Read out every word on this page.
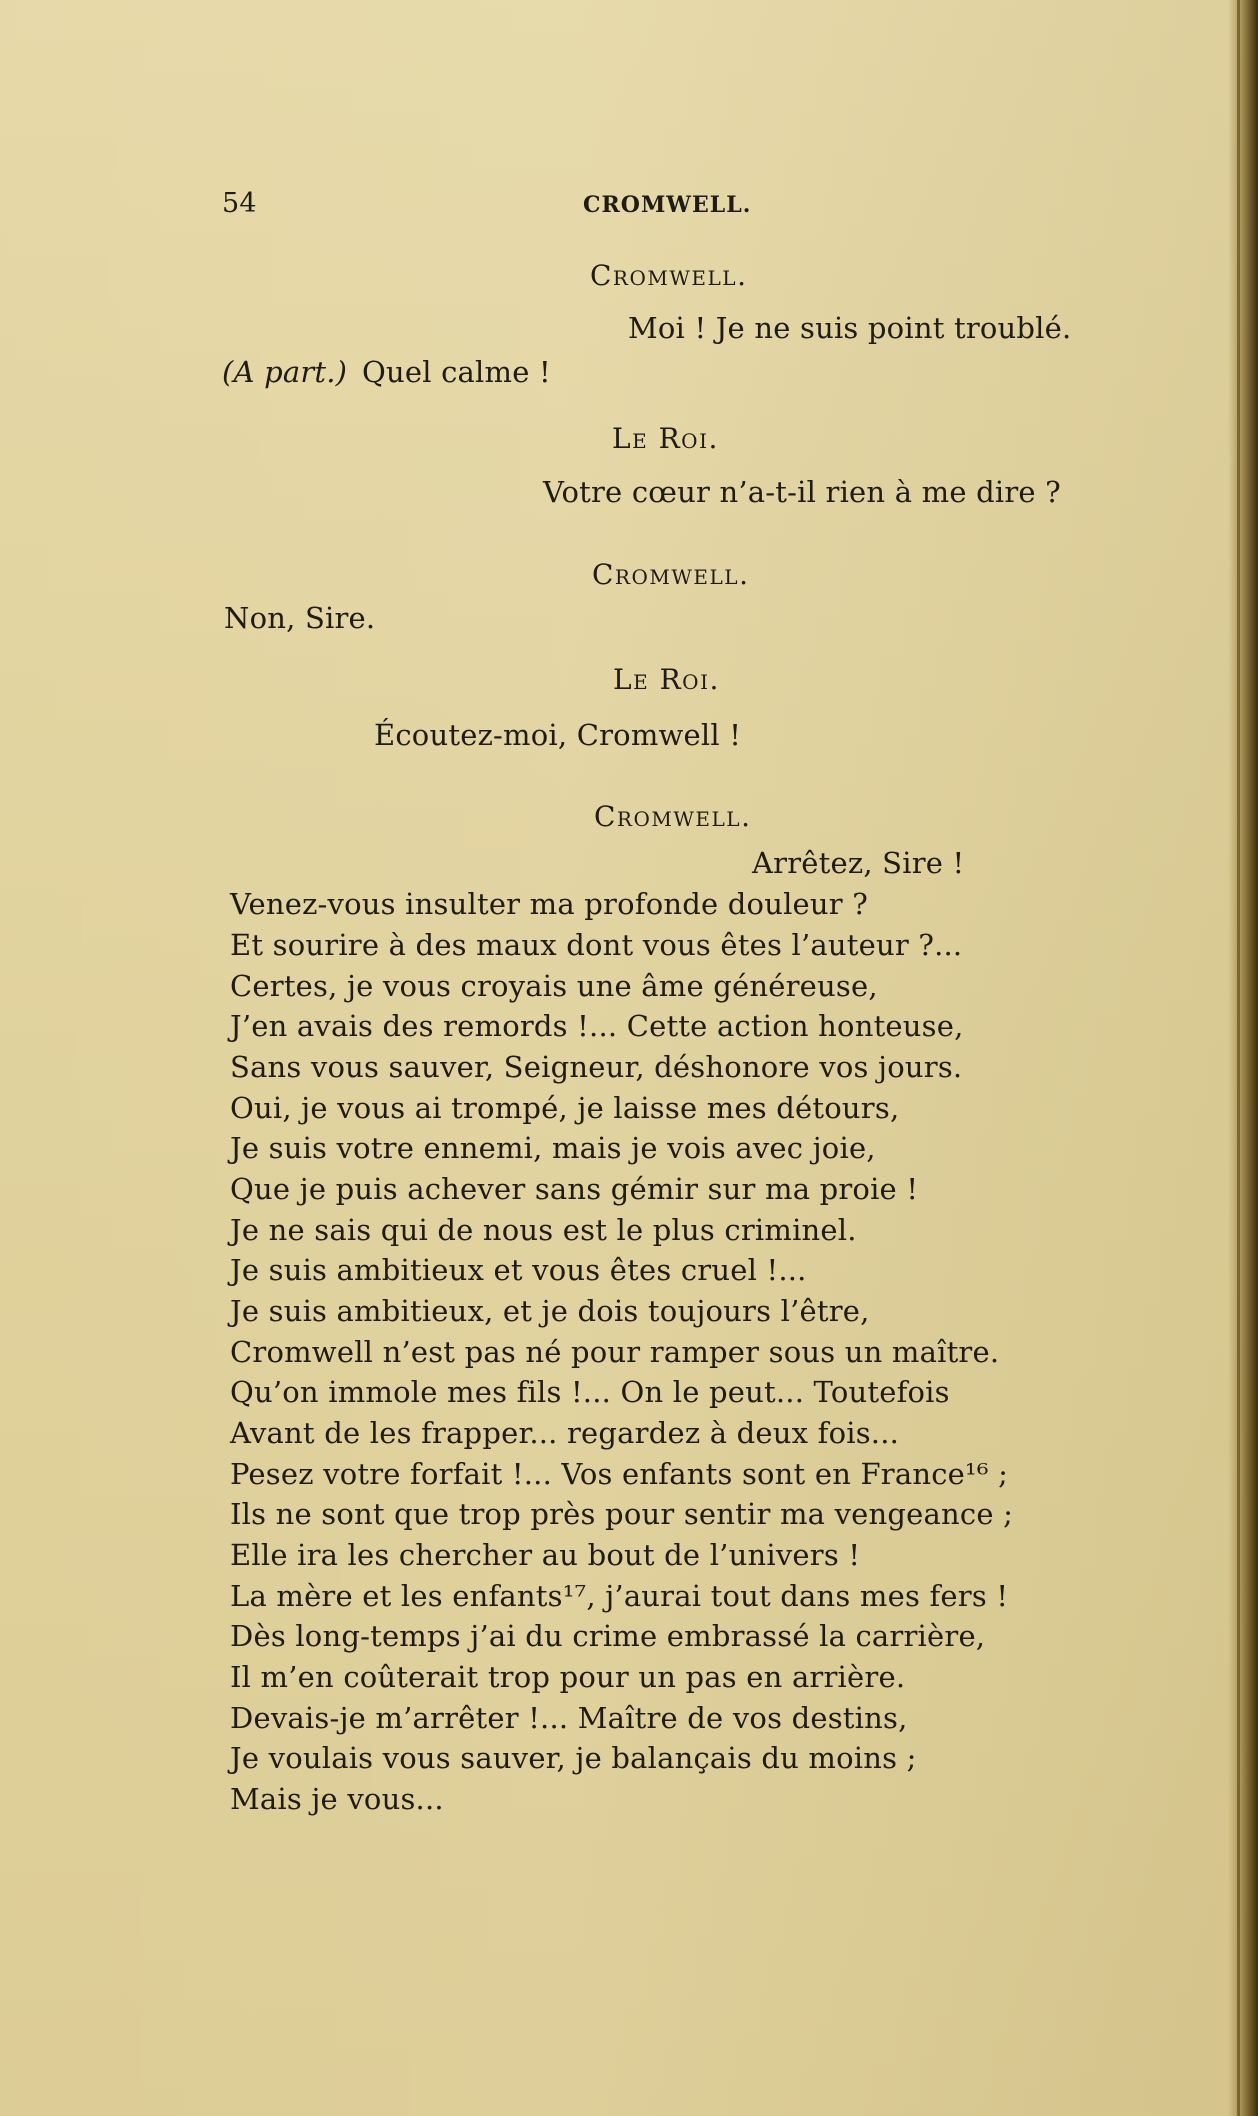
54	CROMWELL.
Cromwell.
Moi ! Je ne suis point troublé.
(A part.) Quel calme !
Le Roi.
Votre cœur n’a-t-il rien à me dire ?
Cromwell.
Non, Sire.
Le Roi.
Écoutez-moi, Cromwell !
Cromwell.
Arrêtez, Sire !
Venez-vous insulter ma profonde douleur ?
Et sourire à des maux dont vous êtes l’auteur ?...
Certes, je vous croyais une âme généreuse,
J’en avais des remords !... Cette action honteuse,
Sans vous sauver, Seigneur, déshonore vos jours.
Oui, je vous ai trompé, je laisse mes détours,
Je suis votre ennemi, mais je vois avec joie,
Que je puis achever sans gémir sur ma proie !
Je ne sais qui de nous est le plus criminel.
Je suis ambitieux et vous êtes cruel !...
Je suis ambitieux, et je dois toujours l’être,
Cromwell n’est pas né pour ramper sous un maître.
Qu’on immole mes fils !... On le peut... Toutefois
Avant de les frapper... regardez à deux fois...
Pesez votre forfait !... Vos enfants sont en France¹⁶ ;
Ils ne sont que trop près pour sentir ma vengeance ;
Elle ira les chercher au bout de l’univers !
La mère et les enfants¹⁷, j’aurai tout dans mes fers !
Dès long-temps j’ai du crime embrassé la carrière,
Il m’en coûterait trop pour un pas en arrière.
Devais-je m’arrêter !... Maître de vos destins,
Je voulais vous sauver, je balançais du moins ;
Mais je vous...
